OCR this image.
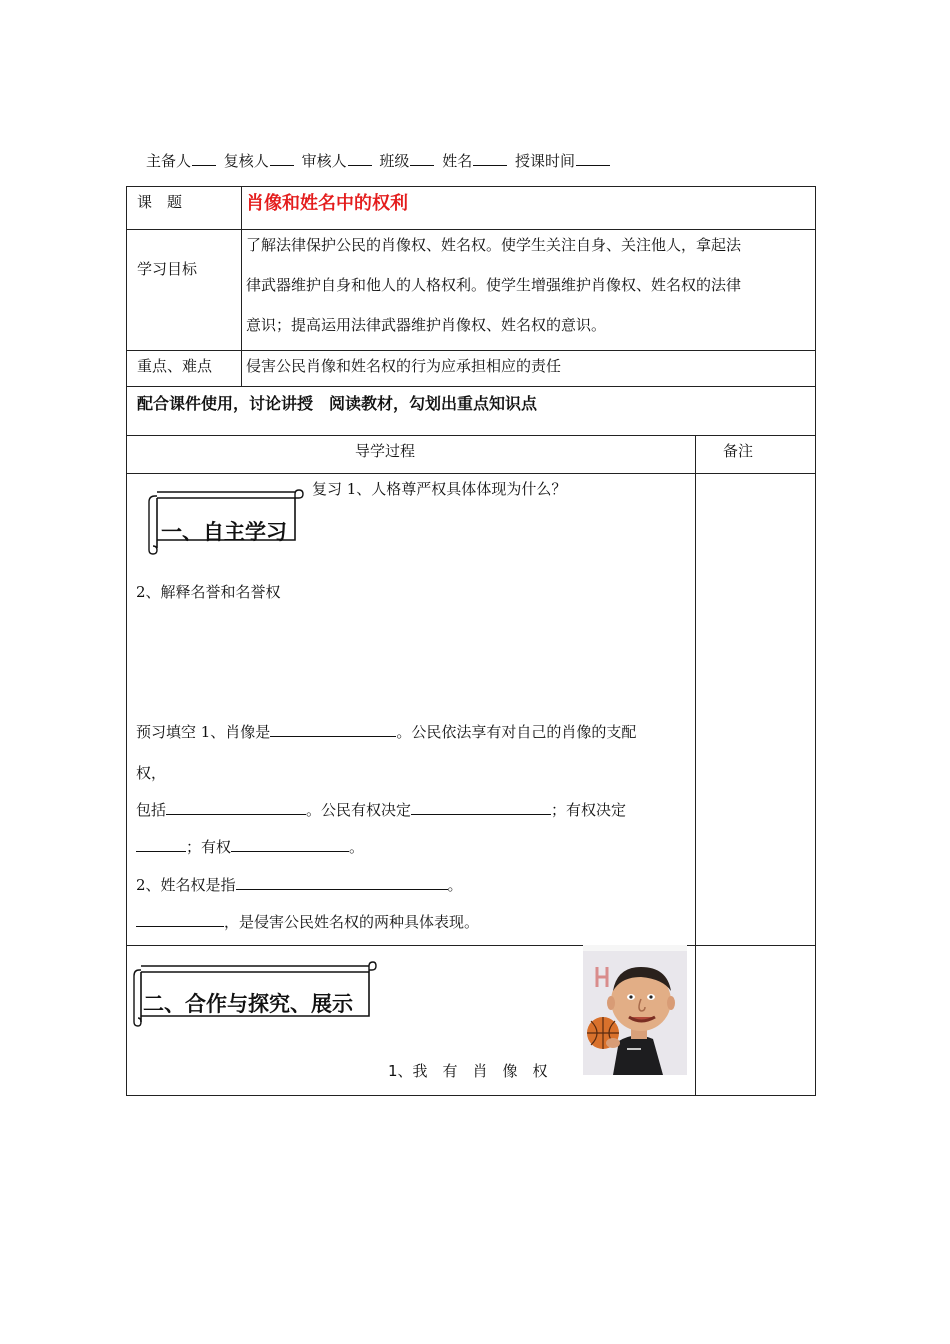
主备人 复核人 审核人 班级 姓名	授课时间
课　题	肖像和姓名中的权利
学习目标
了解法律保护公民的肖像权、姓名权。使学生关注自身、关注他人，拿起法
律武器维护自身和他人的人格权利。使学生增强维护肖像权、姓名权的法律
意识；提高运用法律武器维护肖像权、姓名权的意识。
重点、难点 侵害公民肖像和姓名权的行为应承担相应的责任
配合课件使用，讨论讲授　阅读教材，勾划出重点知识点
导学过程	备注
一、自主学习
复习 1、人格尊严权具体体现为什么？
2、解释名誉和名誉权
预习填空 1、肖像是	。公民依法享有对自己的肖像的支配
权，
包括	。公民有权决定	；有权决定
；有权	。
2、姓名权是指	。
，是侵害公民姓名权的两种具体表现。
二、合作与探究、展示
1、我　有　肖　像　权
